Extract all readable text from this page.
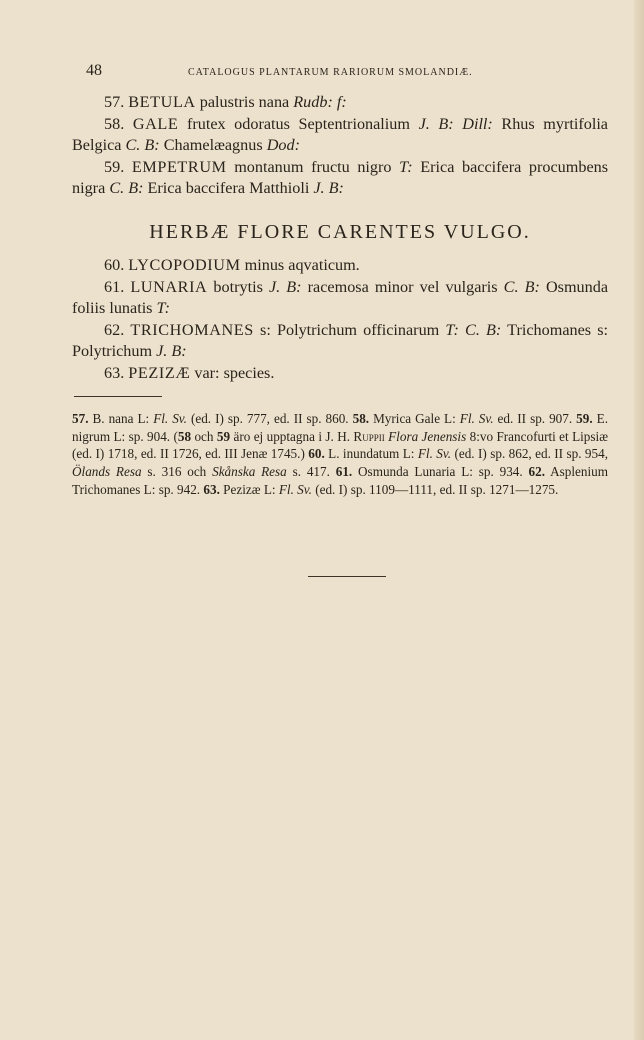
48	CATALOGUS PLANTARUM RARIORUM SMOLANDIÆ.

57. BETULA palustris nana Rudb: f:

58. GALE frutex odoratus Septentrionalium J. B: Dill: Rhus myrtifolia Belgica C. B: Chamelæagnus Dod:

59. EMPETRUM montanum fructu nigro T: Erica baccifera procumbens nigra C. B: Erica baccifera Matthioli J. B:

HERBÆ FLORE CARENTES VULGO.

60. LYCOPODIUM minus aqvaticum.

61. LUNARIA botrytis J. B: racemosa minor vel vulgaris C. B: Osmunda foliis lunatis T:

62. TRICHOMANES s: Polytrichum officinarum T: C. B: Trichomanes s: Polytrichum J. B:

63. PEZIZÆ var: species.

57. B. nana L: Fl. Sv. (ed. I) sp. 777, ed. II sp. 860. 58. Myrica Gale L: Fl. Sv. ed. II sp. 907. 59. E. nigrum L: sp. 904. (58 och 59 äro ej upptagna i J. H. Ruppii Flora Jenensis 8:vo Francofurti et Lipsiæ (ed. I) 1718, ed. II 1726, ed. III Jenæ 1745.) 60. L. inundatum L: Fl. Sv. (ed. I) sp. 862, ed. II sp. 954, Ölands Resa s. 316 och Skånska Resa s. 417. 61. Osmunda Lunaria L: sp. 934. 62. Asplenium Trichomanes L: sp. 942. 63. Pezizæ L: Fl. Sv. (ed. I) sp. 1109—1111, ed. II sp. 1271—1275.
